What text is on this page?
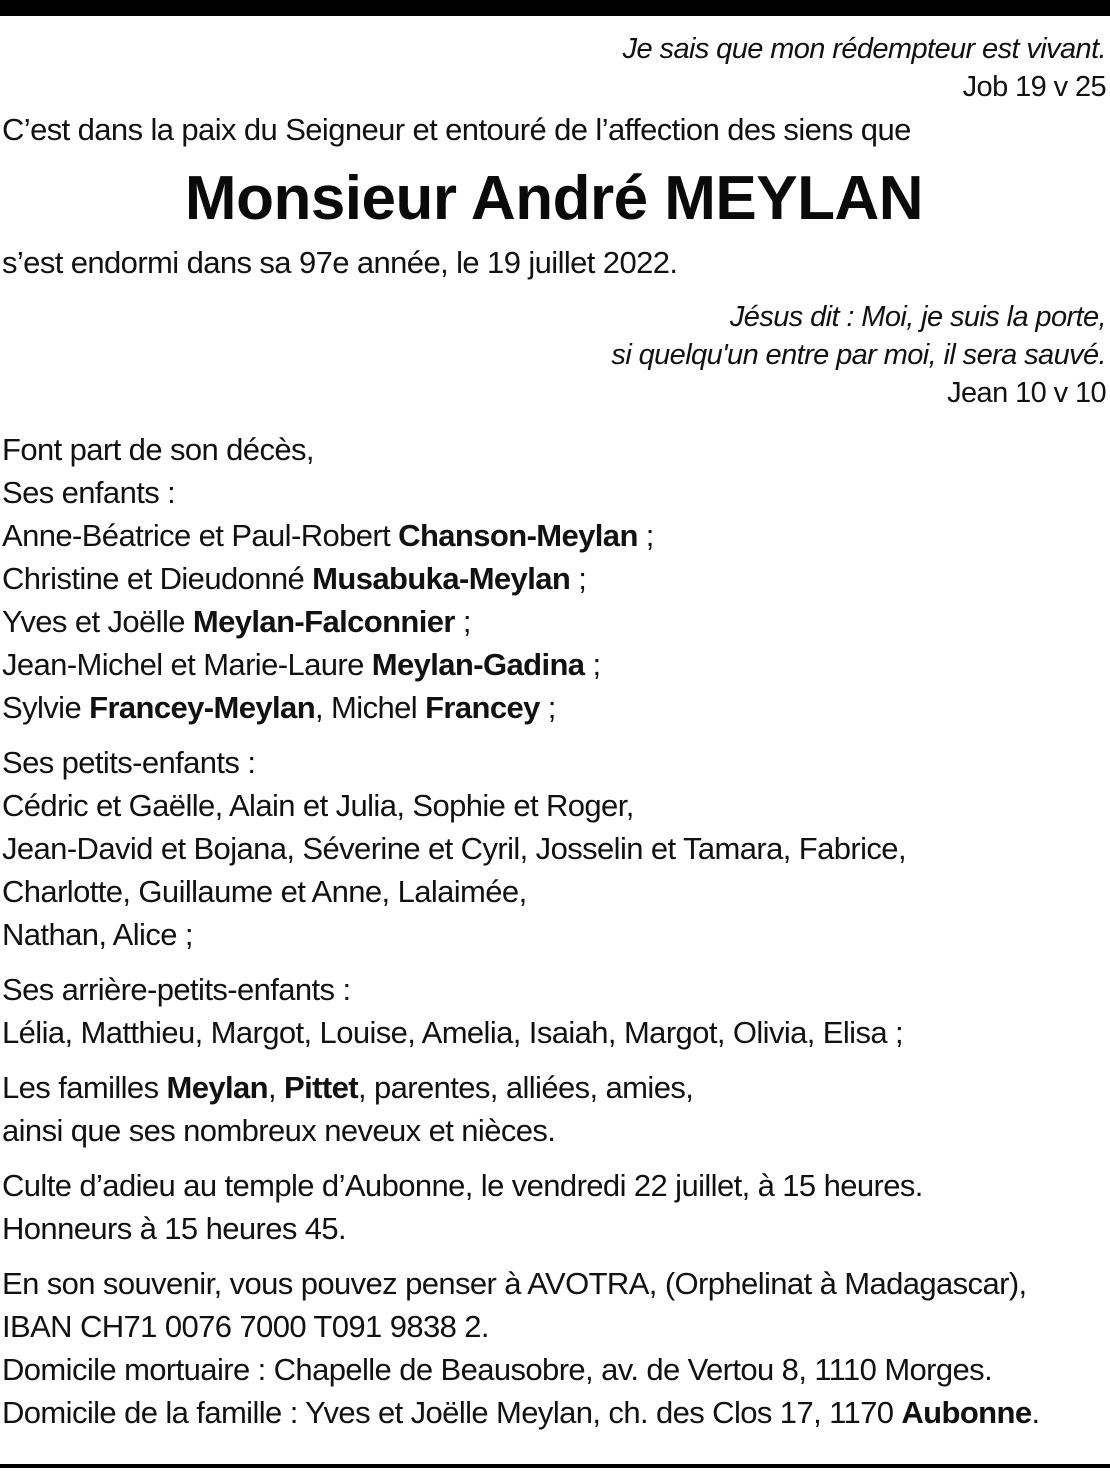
Je sais que mon rédempteur est vivant.
Job 19 v 25
C’est dans la paix du Seigneur et entouré de l’affection des siens que
Monsieur André MEYLAN
s’est endormi dans sa 97e année, le 19 juillet 2022.
Jésus dit : Moi, je suis la porte,
si quelqu'un entre par moi, il sera sauvé.
Jean 10 v 10
Font part de son décès,
Ses enfants :
Anne-Béatrice et Paul-Robert Chanson-Meylan ;
Christine et Dieudonné Musabuka-Meylan ;
Yves et Joëlle Meylan-Falconnier ;
Jean-Michel et Marie-Laure Meylan-Gadina ;
Sylvie Francey-Meylan, Michel Francey ;
Ses petits-enfants :
Cédric et Gaëlle, Alain et Julia, Sophie et Roger,
Jean-David et Bojana, Séverine et Cyril, Josselin et Tamara, Fabrice,
Charlotte, Guillaume et Anne, Lalaimée,
Nathan, Alice ;
Ses arrière-petits-enfants :
Lélia, Matthieu, Margot, Louise, Amelia, Isaiah, Margot, Olivia, Elisa ;
Les familles Meylan, Pittet, parentes, alliées, amies,
ainsi que ses nombreux neveux et nièces.
Culte d’adieu au temple d’Aubonne, le vendredi 22 juillet, à 15 heures.
Honneurs à 15 heures 45.
En son souvenir, vous pouvez penser à AVOTRA, (Orphelinat à Madagascar),
IBAN CH71 0076 7000 T091 9838 2.
Domicile mortuaire : Chapelle de Beausobre, av. de Vertou 8, 1110 Morges.
Domicile de la famille : Yves et Joëlle Meylan, ch. des Clos 17, 1170 Aubonne.
